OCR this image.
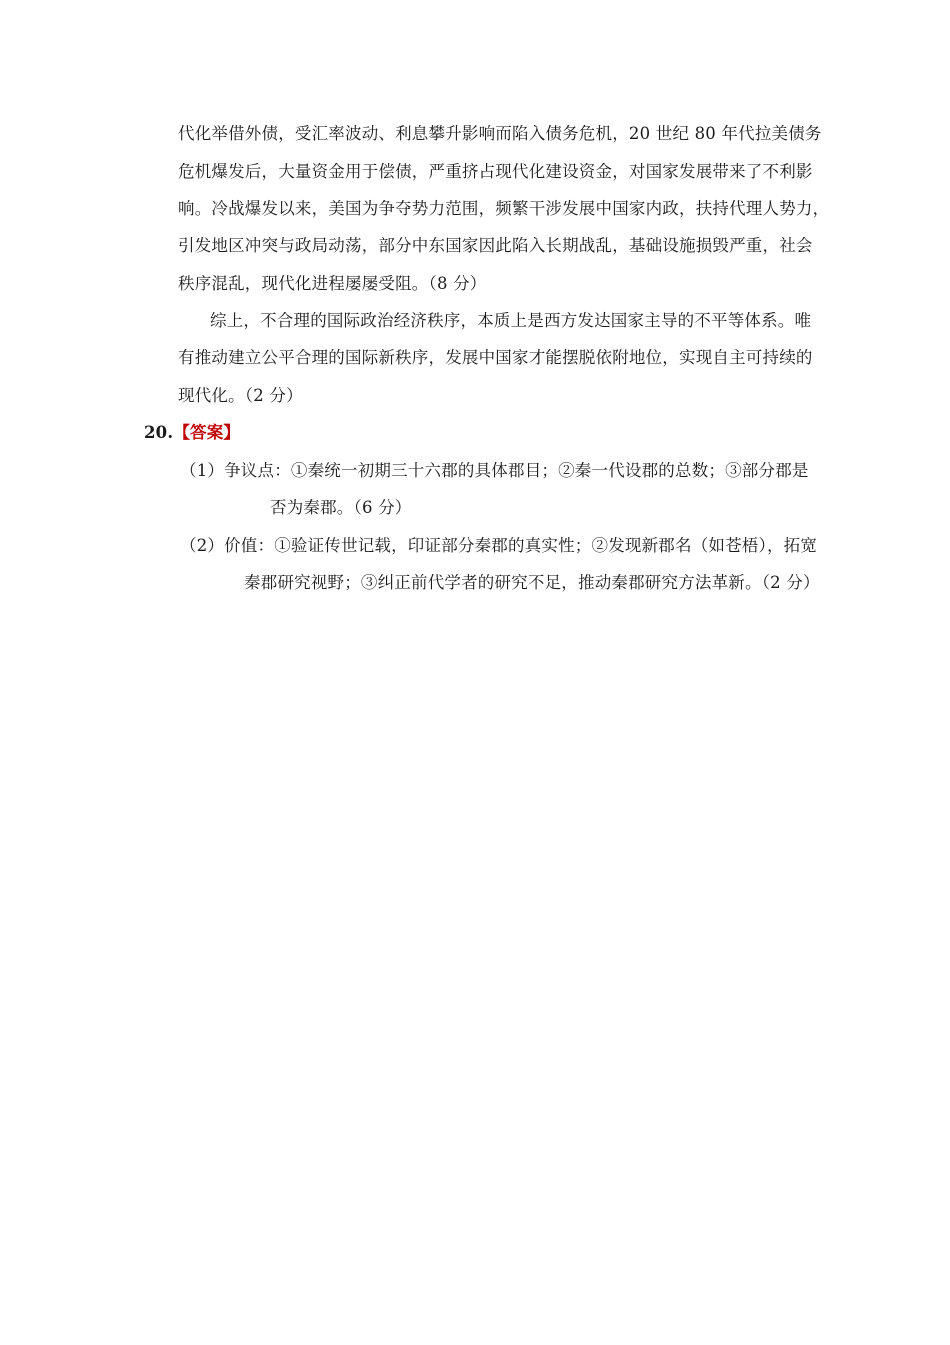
代化举借外债，受汇率波动、利息攀升影响而陷入债务危机，20 世纪 80 年代拉美债务
危机爆发后，大量资金用于偿债，严重挤占现代化建设资金，对国家发展带来了不利影
响。冷战爆发以来，美国为争夺势力范围，频繁干涉发展中国家内政，扶持代理人势力，
引发地区冲突与政局动荡，部分中东国家因此陷入长期战乱，基础设施损毁严重，社会
秩序混乱，现代化进程屡屡受阻。（8 分）
综上，不合理的国际政治经济秩序，本质上是西方发达国家主导的不平等体系。唯
有推动建立公平合理的国际新秩序，发展中国家才能摆脱依附地位，实现自主可持续的
现代化。（2 分）
20.【答案】
（1）争议点：①秦统一初期三十六郡的具体郡目；②秦一代设郡的总数；③部分郡是
否为秦郡。（6 分）
（2）价值：①验证传世记载，印证部分秦郡的真实性；②发现新郡名（如苍梧），拓宽
秦郡研究视野；③纠正前代学者的研究不足，推动秦郡研究方法革新。（2 分）
